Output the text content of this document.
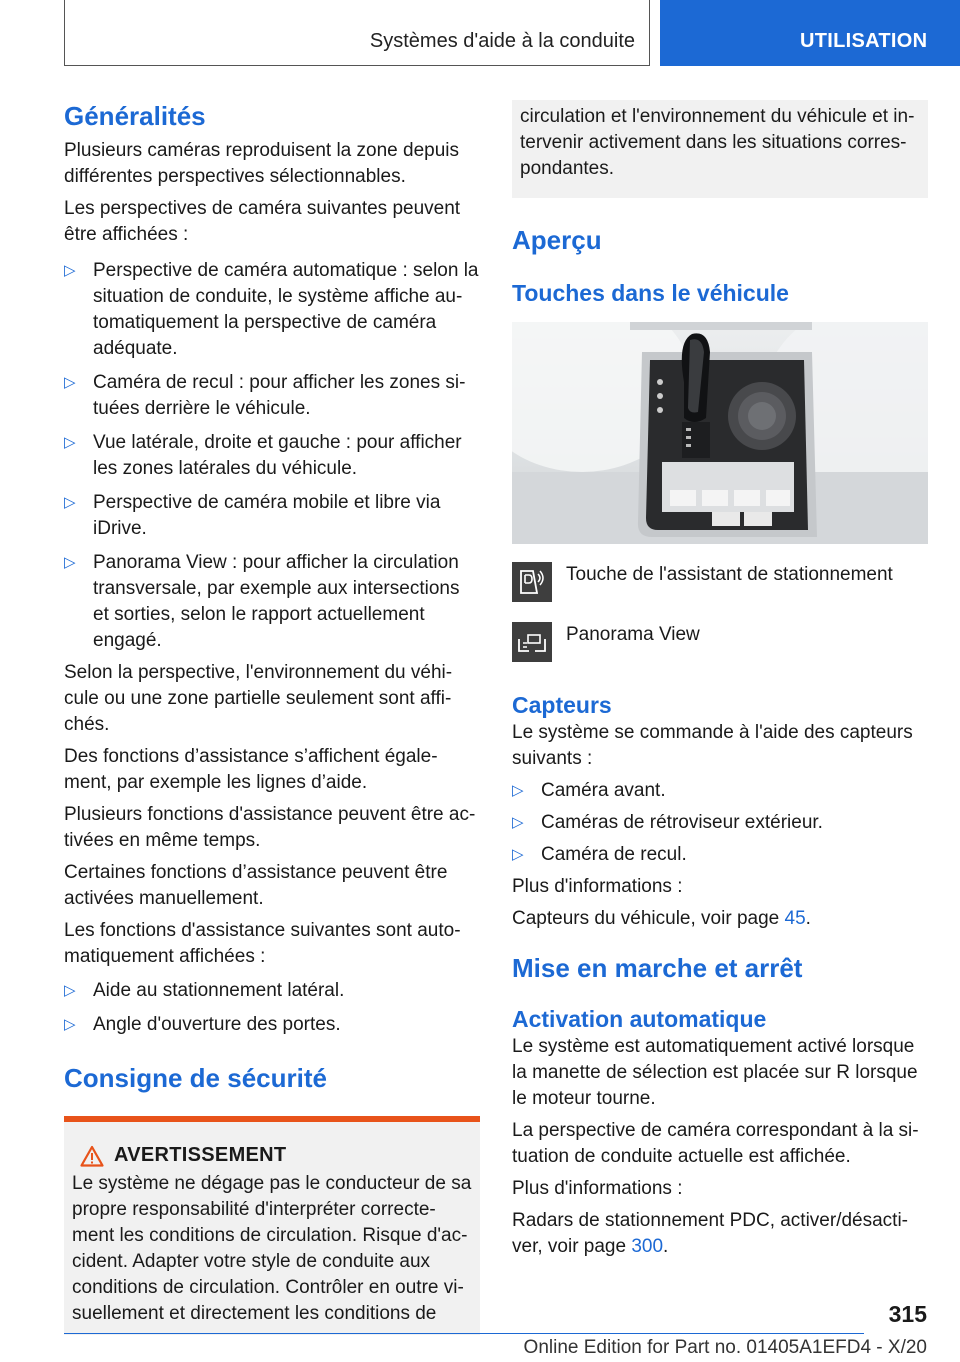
Systèmes d'aide à la conduite	UTILISATION
Généralités

Plusieurs caméras reproduisent la zone depuis différentes perspectives sélectionnables.

Les perspectives de caméra suivantes peuvent être affichées :

▷ Perspective de caméra automatique : selon la situation de conduite, le système affiche au-tomatiquement la perspective de caméra adéquate.
▷ Caméra de recul : pour afficher les zones si-tuées derrière le véhicule.
▷ Vue latérale, droite et gauche : pour afficher les zones latérales du véhicule.
▷ Perspective de caméra mobile et libre via iDrive.
▷ Panorama View : pour afficher la circulation transversale, par exemple aux intersections et sorties, selon le rapport actuellement engagé.

Selon la perspective, l'environnement du véhi-cule ou une zone partielle seulement sont affi-chés.

Des fonctions d’assistance s’affichent égale-ment, par exemple les lignes d’aide.

Plusieurs fonctions d'assistance peuvent être ac-tivées en même temps.

Certaines fonctions d’assistance peuvent être activées manuellement.

Les fonctions d'assistance suivantes sont auto-matiquement affichées :

▷ Aide au stationnement latéral.
▷ Angle d'ouverture des portes.
Consigne de sécurité
AVERTISSEMENT

Le système ne dégage pas le conducteur de sa propre responsabilité d'interpréter correcte-ment les conditions de circulation. Risque d'ac-cident. Adapter votre style de conduite aux conditions de circulation. Contrôler en outre vi-suellement et directement les conditions de

circulation et l'environnement du véhicule et in-tervenir activement dans les situations corres-pondantes.

Aperçu
Touches dans le véhicule
Touche de l'assistant de stationnement
Panorama View
Capteurs

Le système se commande à l'aide des capteurs suivants :

▷ Caméra avant.
▷ Caméras de rétroviseur extérieur.
▷ Caméra de recul.

Plus d'informations :

Capteurs du véhicule, voir page 45.

Mise en marche et arrêt
Activation automatique

Le système est automatiquement activé lorsque la manette de sélection est placée sur R lorsque le moteur tourne.

La perspective de caméra correspondant à la si-tuation de conduite actuelle est affichée.

Plus d'informations :

Radars de stationnement PDC, activer/désacti-ver, voir page 300.

315
Online Edition for Part no. 01405A1EFD4 - X/20
